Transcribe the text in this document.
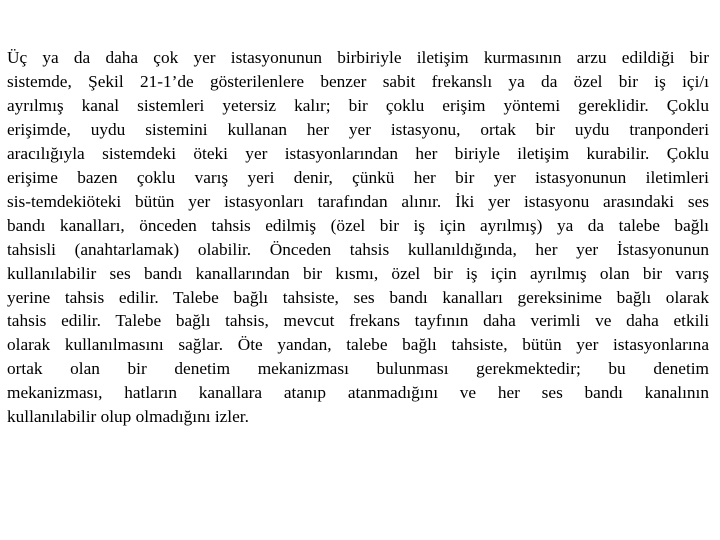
Üç ya da daha çok yer istasyonunun birbiriyle iletişim kurmasının arzu edildiği bir
sistemde, Şekil 21-1’de gösterilenlere benzer sabit frekanslı ya da özel bir iş içi/ı
ayrılmış kanal sistemleri yetersiz kalır; bir çoklu erişim yöntemi gereklidir. Çoklu
erişimde, uydu sistemini kullanan her yer istasyonu, ortak bir uydu tranponderi
aracılığıyla sistemdeki öteki yer istasyonlarından her biriyle iletişim kurabilir. Çoklu
erişime bazen çoklu varış yeri denir, çünkü her bir yer istasyonunun iletimleri
sis-temdekiöteki bütün yer istasyonları tarafından alınır. İki yer istasyonu arasındaki ses
bandı kanalları, önceden tahsis edilmiş (özel bir iş için ayrılmış) ya da talebe bağlı
tahsisli (anahtarlamak) olabilir. Önceden tahsis kullanıldığında, her yer İstasyonunun
kullanılabilir ses bandı kanallarından bir kısmı, özel bir iş için ayrılmış olan bir varış
yerine tahsis edilir. Talebe bağlı tahsiste, ses bandı kanalları gereksinime bağlı olarak
tahsis edilir. Talebe bağlı tahsis, mevcut frekans tayfının daha verimli ve daha etkili
olarak kullanılmasını sağlar. Öte yandan, talebe bağlı tahsiste, bütün yer istasyonlarına
ortak olan bir denetim mekanizması bulunması gerekmektedir; bu denetim
mekanizması, hatların kanallara atanıp atanmadığını ve her ses bandı kanalının
kullanılabilir olup olmadığını izler.
